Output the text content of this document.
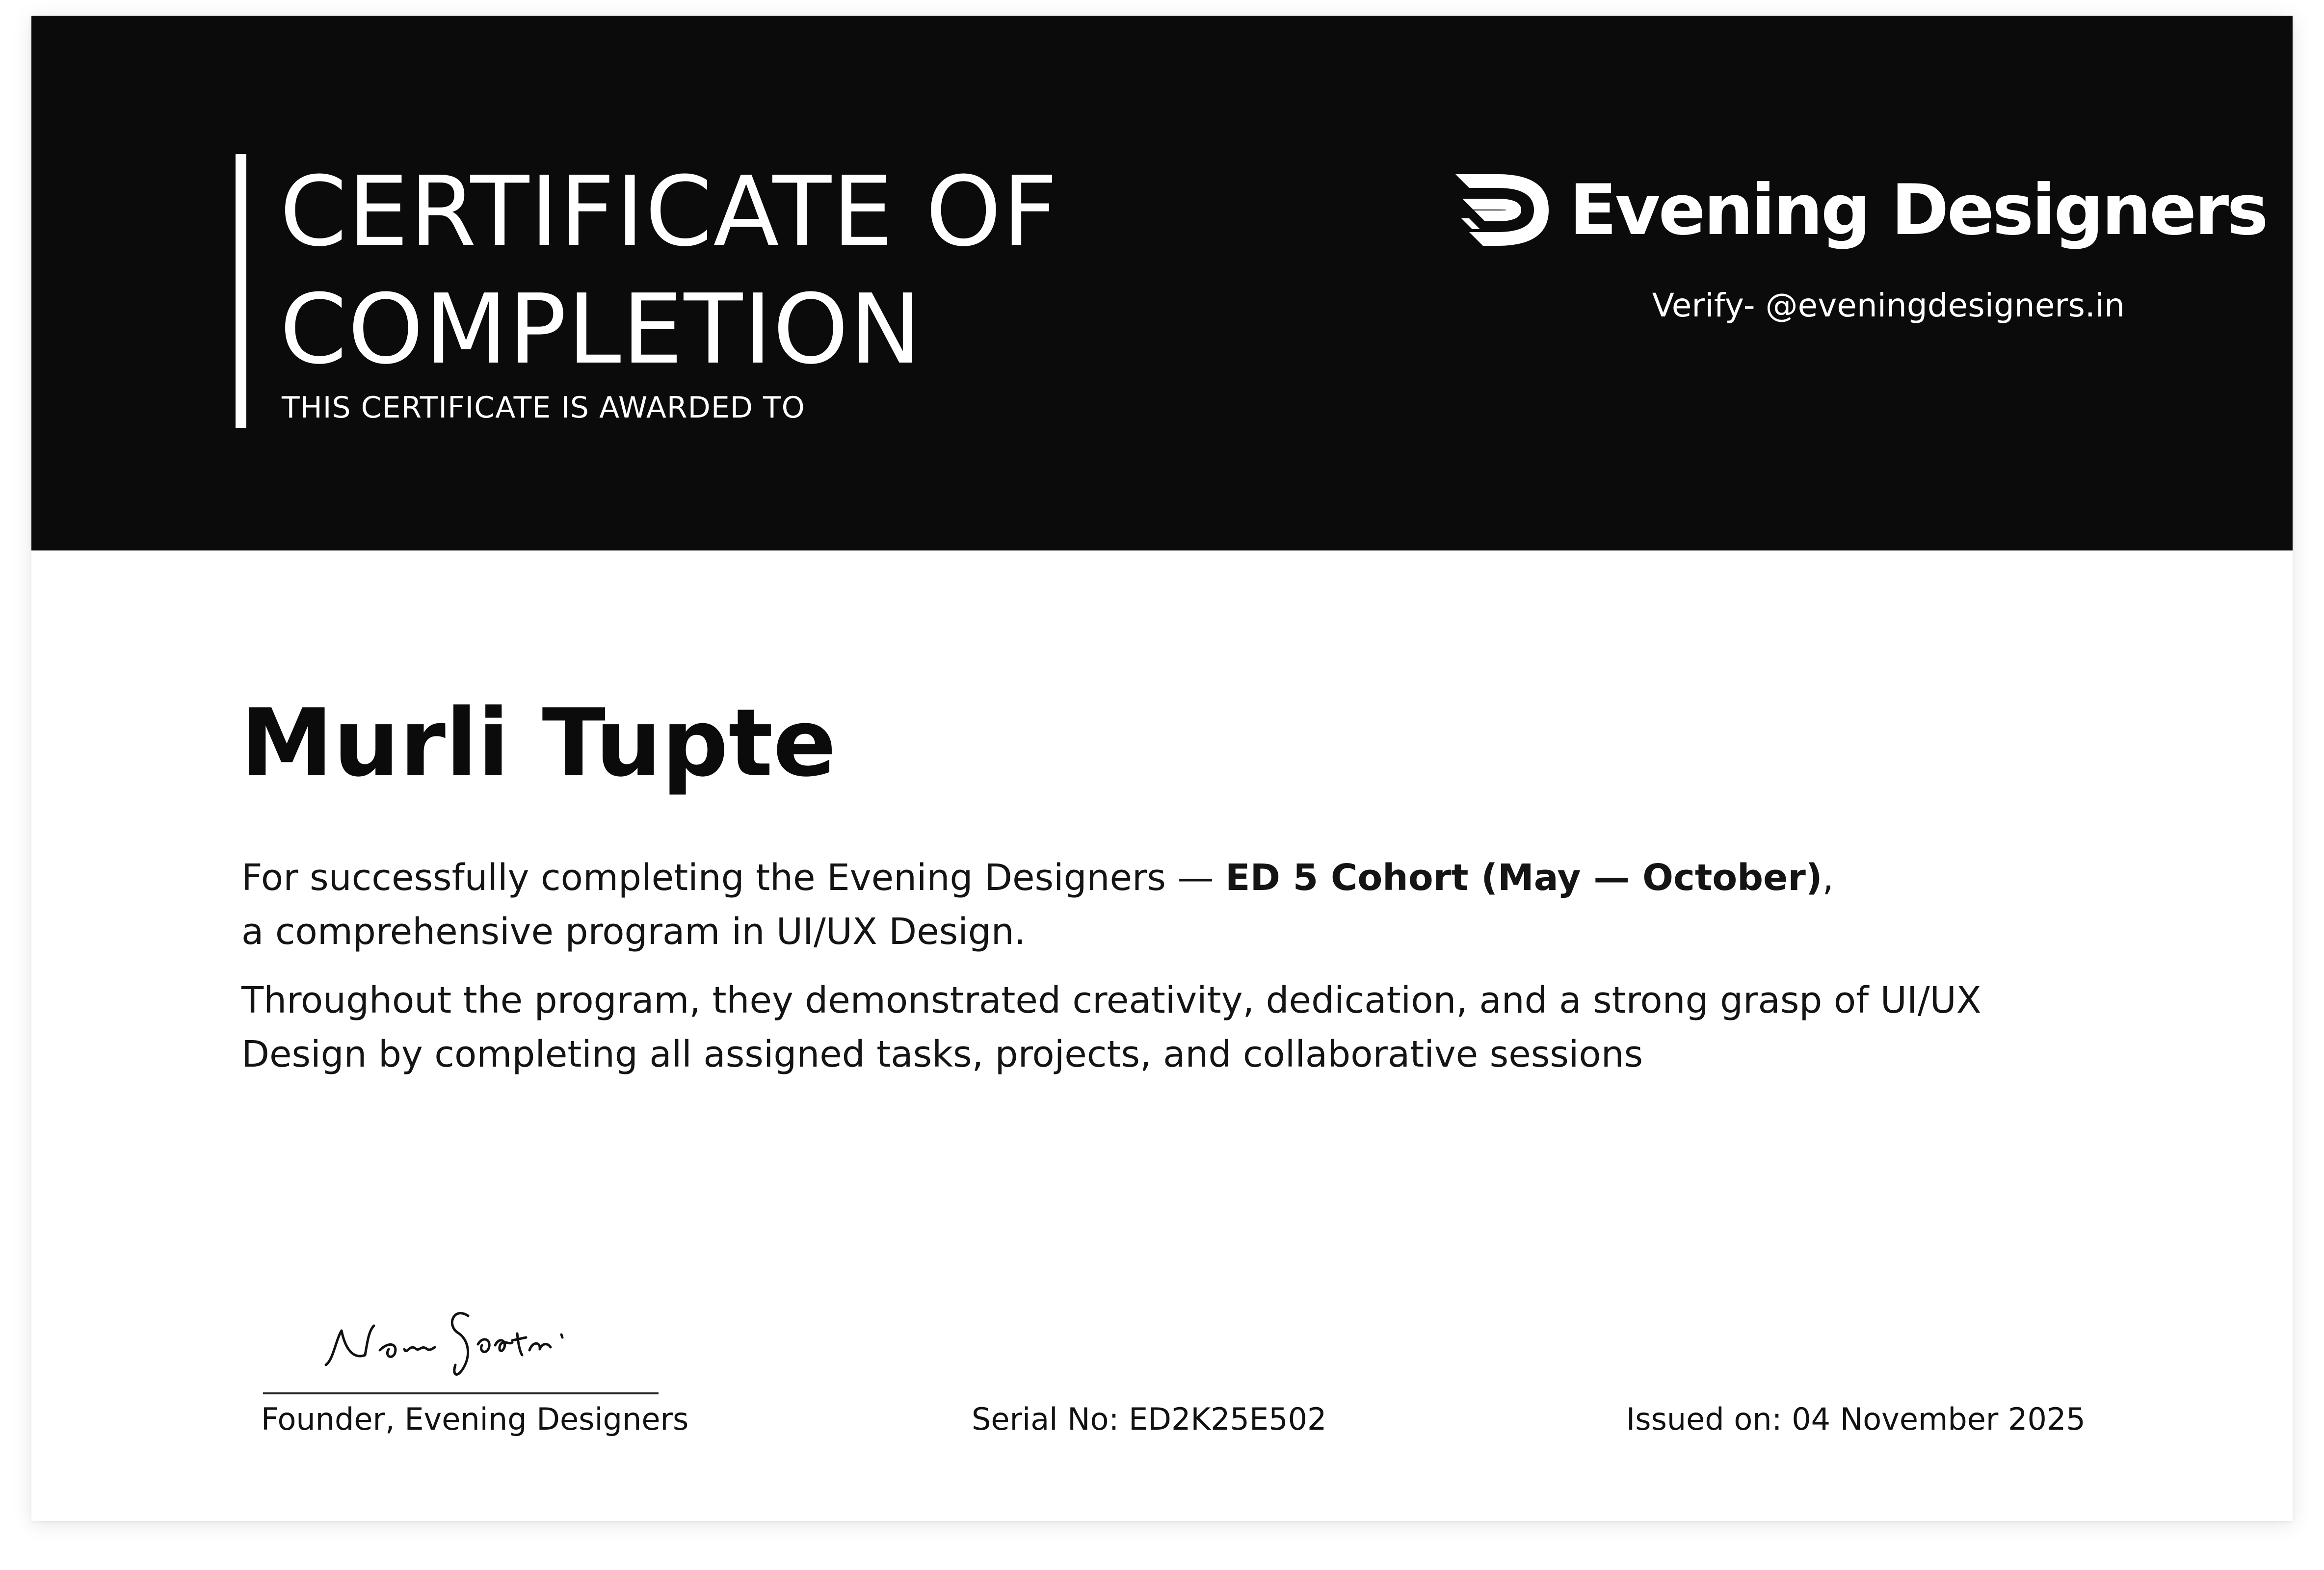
CERTIFICATE OF
COMPLETION
THIS CERTIFICATE IS AWARDED TO
Evening Designers
Verify- @eveningdesigners.in
Murli Tupte

For successfully completing the Evening Designers — ED 5 Cohort (May — October),
a comprehensive program in UI/UX Design.

Throughout the program, they demonstrated creativity, dedication, and a strong grasp of UI/UX
Design by completing all assigned tasks, projects, and collaborative sessions

Founder, Evening Designers	Serial No: ED2K25E502	Issued on: 04 November 2025
